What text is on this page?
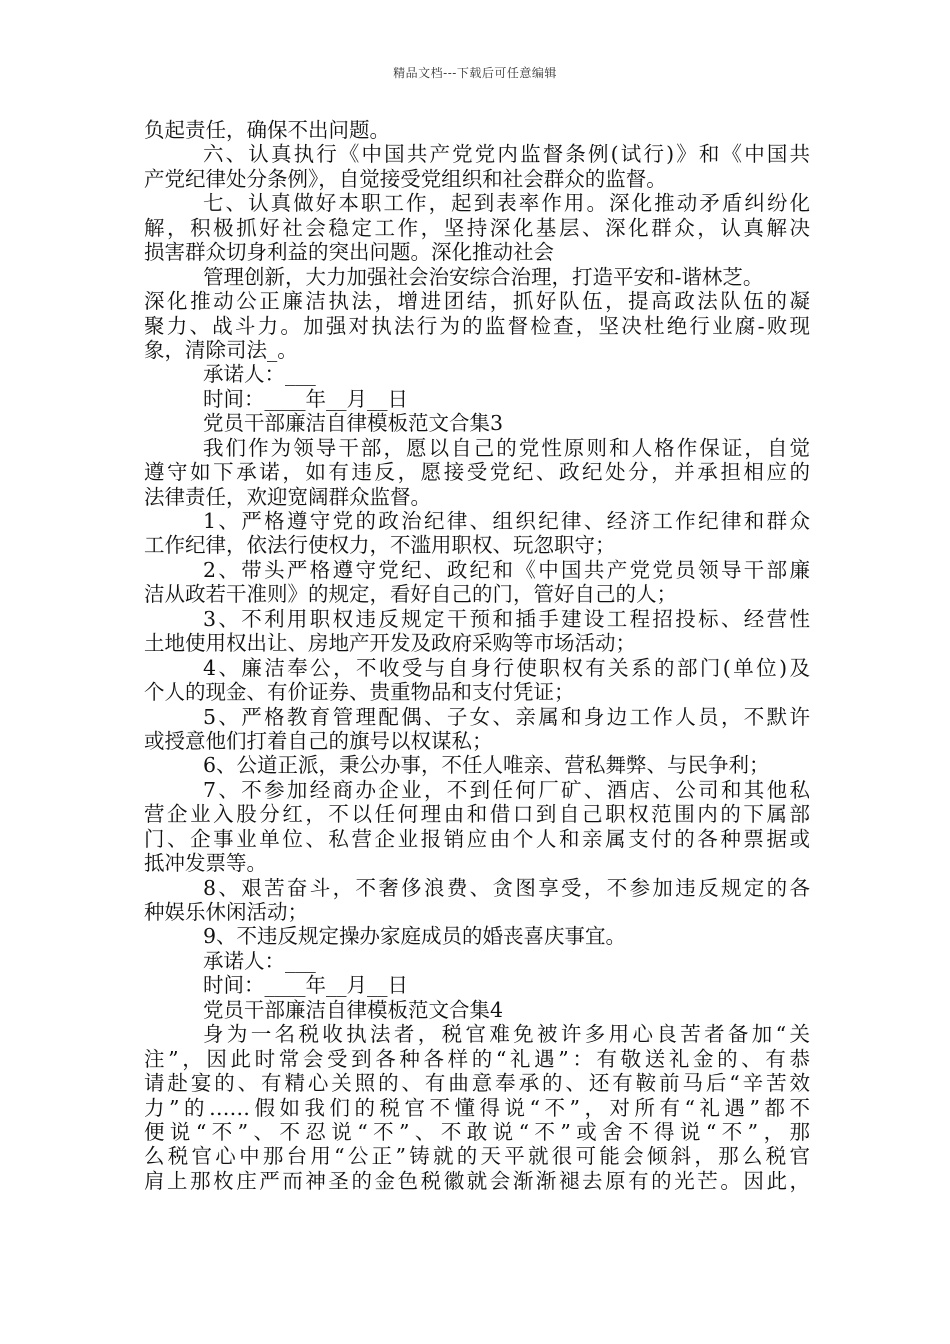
精品文档---下载后可任意编辑
负起责任，确保不出问题。
六、认真执行《中国共产党党内监督条例(试行)》和《中国共
产党纪律处分条例》，自觉接受党组织和社会群众的监督。
七、认真做好本职工作，起到表率作用。深化推动矛盾纠纷化
解，积极抓好社会稳定工作，坚持深化基层、深化群众，认真解决
损害群众切身利益的突出问题。深化推动社会
管理创新，大力加强社会治安综合治理，打造平安和-谐林芝。
深化推动公正廉洁执法，增进团结，抓好队伍，提高政法队伍的凝
聚力、战斗力。加强对执法行为的监督检查，坚决杜绝行业腐-败现
象，清除司法_。
承诺人：___
时间：____年__月__日
党员干部廉洁自律模板范文合集3
我们作为领导干部，愿以自己的党性原则和人格作保证，自觉
遵守如下承诺，如有违反，愿接受党纪、政纪处分，并承担相应的
法律责任，欢迎宽阔群众监督。
1、严格遵守党的政治纪律、组织纪律、经济工作纪律和群众
工作纪律，依法行使权力，不滥用职权、玩忽职守；
2、带头严格遵守党纪、政纪和《中国共产党党员领导干部廉
洁从政若干准则》的规定，看好自己的门，管好自己的人；
3、不利用职权违反规定干预和插手建设工程招投标、经营性
土地使用权出让、房地产开发及政府采购等市场活动；
4、廉洁奉公，不收受与自身行使职权有关系的部门(单位)及
个人的现金、有价证券、贵重物品和支付凭证；
5、严格教育管理配偶、子女、亲属和身边工作人员，不默许
或授意他们打着自己的旗号以权谋私；
6、公道正派，秉公办事，不任人唯亲、营私舞弊、与民争利；
7、不参加经商办企业，不到任何厂矿、酒店、公司和其他私
营企业入股分红，不以任何理由和借口到自己职权范围内的下属部
门、企事业单位、私营企业报销应由个人和亲属支付的各种票据或
抵冲发票等。
8、艰苦奋斗，不奢侈浪费、贪图享受，不参加违反规定的各
种娱乐休闲活动；
9、不违反规定操办家庭成员的婚丧喜庆事宜。
承诺人：___
时间：____年__月__日
党员干部廉洁自律模板范文合集4
身为一名税收执法者，税官难免被许多用心良苦者备加“关
注”，因此时常会受到各种各样的“礼遇”：有敬送礼金的、有恭
请赴宴的、有精心关照的、有曲意奉承的、还有鞍前马后“辛苦效
力”的……假如我们的税官不懂得说“不”，对所有“礼遇”都不
便说“不”、不忍说“不”、不敢说“不”或舍不得说“不”，那
么税官心中那台用“公正”铸就的天平就很可能会倾斜，那么税官
肩上那枚庄严而神圣的金色税徽就会渐渐褪去原有的光芒。因此，
